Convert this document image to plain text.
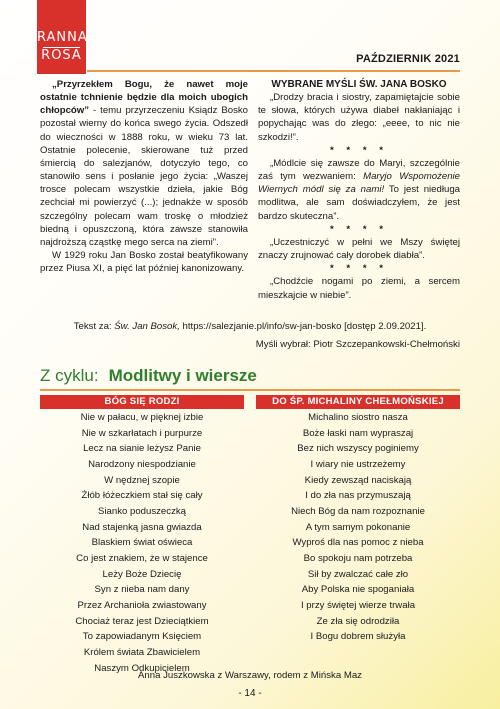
RANNA
ROSA	PAŹDZIERNIK 2021

„Przyrzekłem Bogu, że nawet moje ostatnie tchnienie będzie dla moich ubogich chłopców” - temu przyrzeczeniu Ksiądz Bosko pozostał wierny do końca swego życia. Odszedł do wieczności w 1888 roku, w wieku 73 lat. Ostatnie polecenie, skierowane tuż przed śmiercią do salezjanów, dotyczyło tego, co stanowiło sens i posłanie jego życia: „Waszej trosce polecam wszystkie dzieła, jakie Bóg zechciał mi powierzyć (...); jednakże w sposób szczególny polecam wam troskę o młodzież biedną i opuszczoną, która zawsze stanowiła najdroższą cząstkę mego serca na ziemi”.

W 1929 roku Jan Bosko został beatyfikowany przez Piusa XI, a pięć lat później kanonizowany.

WYBRANE MYŚLI ŚW. JANA BOSKO

„Drodzy bracia i siostry, zapamiętajcie sobie te słowa, których używa diabeł nakłaniając i popychając was do złego: „eeee, to nic nie szkodzi!”.

* * * *

„Módlcie się zawsze do Maryi, szczególnie zaś tym wezwaniem: Maryjo Wspomożenie Wiernych módl się za nami! To jest niedługa modlitwa, ale sam doświadczyłem, że jest bardzo skuteczna”.

* * * *

„Uczestniczyć w pełni we Mszy świętej znaczy zrujnować cały dorobek diabła”.

* * * *

„Chodźcie nogami po ziemi, a sercem mieszkajcie w niebie”.

Tekst za: Św. Jan Bosok, https://salezjanie.pl/info/sw-jan-bosko [dostęp 2.09.2021].
Myśli wybrał: Piotr Szczepankowski-Chełmoński
Z cyklu: Modlitwy i wiersze
BÓG SIĘ RODZI
Nie w pałacu, w pięknej izbie
Nie w szkarłatach i purpurze
Lecz na sianie leżysz Panie
Narodzony niespodzianie
W nędznej szopie
Żłób łóżeczkiem stał się cały
Sianko poduszeczką
Nad stajenką jasna gwiazda
Blaskiem świat oświeca
Co jest znakiem, że w stajence
Leży Boże Dziecię
Syn z nieba nam dany
Przez Archanioła zwiastowany
Chociaż teraz jest Dzieciątkiem
To zapowiadanym Księciem
Królem świata Zbawicielem
Naszym Odkupicielem
DO ŚP. MICHALINY CHEŁMOŃSKIEJ
Michalino siostro nasza
Boże łaski nam wypraszaj
Bez nich wszyscy poginiemy
I wiary nie ustrzeżemy
Kiedy zewsząd naciskają
I do zła nas przymuszają
Niech Bóg da nam rozpoznanie
A tym samym pokonanie
Wyproś dla nas pomoc z nieba
Bo spokoju nam potrzeba
Sił by zwalczać całe zło
Aby Polska nie spoganiała
I przy świętej wierze trwała
Ze zła się odrodziła
I Bogu dobrem służyła
Anna Juszkowska z Warszawy, rodem z Mińska Maz
- 14 -
